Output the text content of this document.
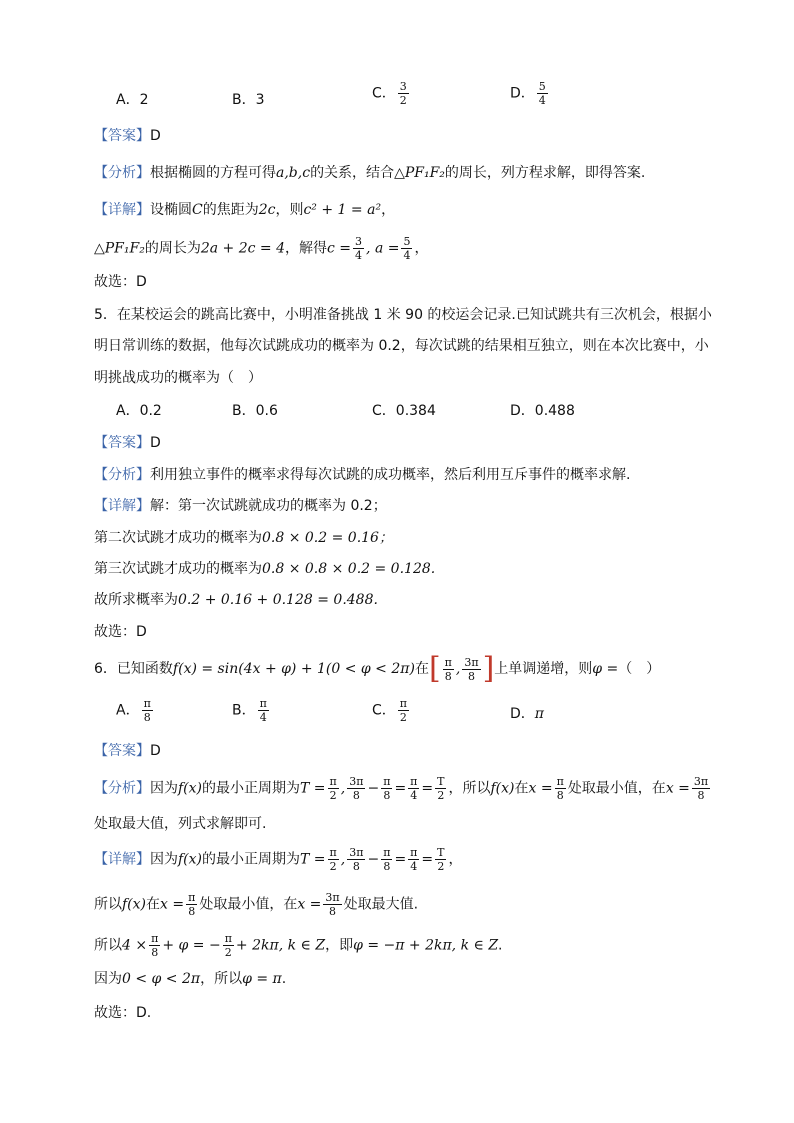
A．2	B．3	C． $\frac{3}{2}$	D． $\frac{5}{4}$
【答案】D
【分析】根据椭圆的方程可得a,b,c的关系，结合△PF₁F₂的周长，列方程求解，即得答案.
【详解】设椭圆C的焦距为2c，则c² + 1 = a²，
△PF₁F₂的周长为2a + 2c = 4，解得$c = \frac{3}{4}$ , $a = \frac{5}{4}$ ，
故选：D
5．在某校运会的跳高比赛中，小明准备挑战 1 米 90 的校运会记录.已知试跳共有三次机会，根据小
明日常训练的数据，他每次试跳成功的概率为 0.2，每次试跳的结果相互独立，则在本次比赛中，小
明挑战成功的概率为（　）
A．0.2	B．0.6	C．0.384	D．0.488
【答案】D
【分析】利用独立事件的概率求得每次试跳的成功概率，然后利用互斥事件的概率求解.
【详解】解：第一次试跳就成功的概率为 0.2；
第二次试跳才成功的概率为0.8 × 0.2 = 0.16；
第三次试跳才成功的概率为0.8 × 0.8 × 0.2 = 0.128.
故所求概率为0.2 + 0.16 + 0.128 = 0.488.
故选：D
6．已知函数f(x) = sin(4x + φ) + 1(0 < φ < 2π)在 [ $\frac{\pi}{8}$ , $\frac{3\pi}{8}$ ] 上单调递增，则φ =（　）
A． $\frac{\pi}{8}$	B． $\frac{\pi}{4}$	C． $\frac{\pi}{2}$	D．π
【答案】D
【分析】因为f(x)的最小正周期为$T = \frac{\pi}{2}$ , $\frac{3\pi}{8} - \frac{\pi}{8} = \frac{\pi}{4} = \frac{T}{2}$ ，所以f(x)在$x = \frac{\pi}{8}$ 处取最小值，在$x = \frac{3\pi}{8}$
处取最大值，列式求解即可.
【详解】因为f(x)的最小正周期为$T = \frac{\pi}{2}$ , $\frac{3\pi}{8} - \frac{\pi}{8} = \frac{\pi}{4} = \frac{T}{2}$ ，
所以f(x)在$x = \frac{\pi}{8}$ 处取最小值，在$x = \frac{3\pi}{8}$ 处取最大值.
所以$4 \times \frac{\pi}{8} + \varphi$ = − $\frac{\pi}{2} + 2k\pi$, k ∈ Z，即φ = −π + 2kπ, k ∈ Z.
因为0 < φ < 2π，所以φ = π.
故选：D.
